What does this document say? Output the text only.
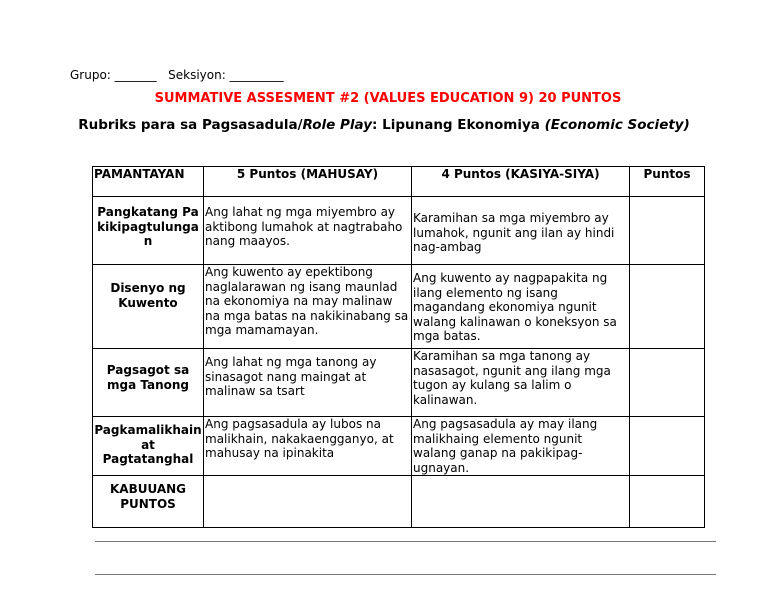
Grupo: _______ Seksiyon: _________
SUMMATIVE ASSESMENT #2 (VALUES EDUCATION 9) 20 PUNTOS
Rubriks para sa Pagsasadula/Role Play: Lipunang Ekonomiya (Economic Society)
PAMANTAYAN	5 Puntos (MAHUSAY)	4 Puntos (KASIYA-SIYA)	Puntos
Pangkatang Pakikipagtulungan	Ang lahat ng mga miyembro ay aktibong lumahok at nagtrabaho nang maayos.	Karamihan sa mga miyembro ay lumahok, ngunit ang ilan ay hindi nag-ambag	
Disenyo ng Kuwento	Ang kuwento ay epektibong naglalarawan ng isang maunlad na ekonomiya na may malinaw na mga batas na nakikinabang sa mga mamamayan.	Ang kuwento ay nagpapakita ng ilang elemento ng isang magandang ekonomiya ngunit walang kalinawan o koneksyon sa mga batas.	
Pagsagot sa mga Tanong	Ang lahat ng mga tanong ay sinasagot nang maingat at malinaw sa tsart	Karamihan sa mga tanong ay nasasagot, ngunit ang ilang mga tugon ay kulang sa lalim o kalinawan.	
Pagkamalikhain at Pagtatanghal	Ang pagsasadula ay lubos na malikhain, nakakaengganyo, at mahusay na ipinakita	Ang pagsasadula ay may ilang malikhaing elemento ngunit walang ganap na pakikipag-ugnayan.	
KABUUANG PUNTOS			
